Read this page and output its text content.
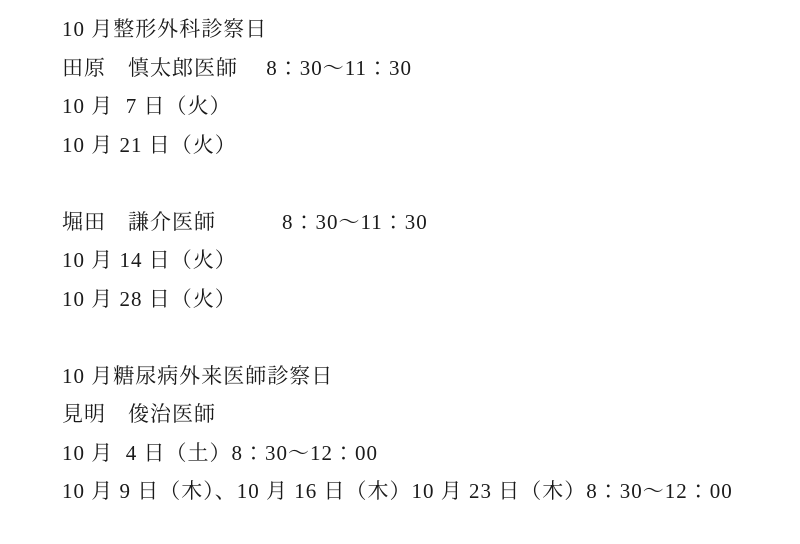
10 月整形外科診察日
田原　慎太郎医師　 8：30～11：30
10 月  7 日（火）
10 月 21 日（火）
堀田　謙介医師　　　8：30～11：30
10 月 14 日（火）
10 月 28 日（火）
10 月糖尿病外来医師診察日
見明　俊治医師
10 月  4 日（土）8：30～12：00
10 月 9 日（木）、10 月 16 日（木）10 月 23 日（木）8：30～12：00
